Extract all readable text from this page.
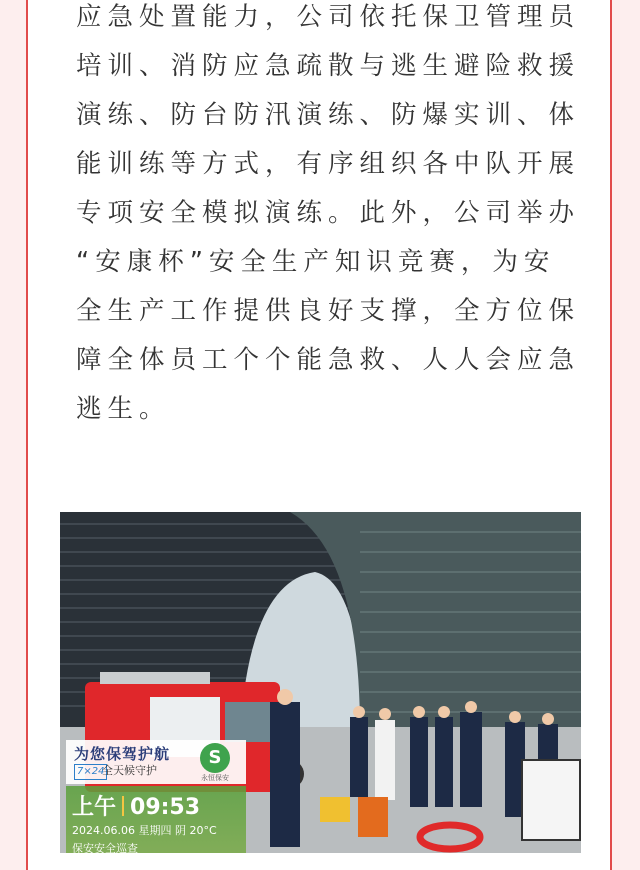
应急处置能力，公司依托保卫管理员
培训、消防应急疏散与逃生避险救援
演练、防台防汛演练、防爆实训、体
能训练等方式，有序组织各中队开展
专项安全模拟演练。此外，公司举办
“安康杯”安全生产知识竞赛，为安
全生产工作提供良好支撑，全方位保
障全体员工个个能急救、人人会应急
逃生。
为您保驾护航
7×24
全天候守护
S
永恒保安
上午 09:53
2024.06.06 星期四 阴 20°C
保安安全巡查
